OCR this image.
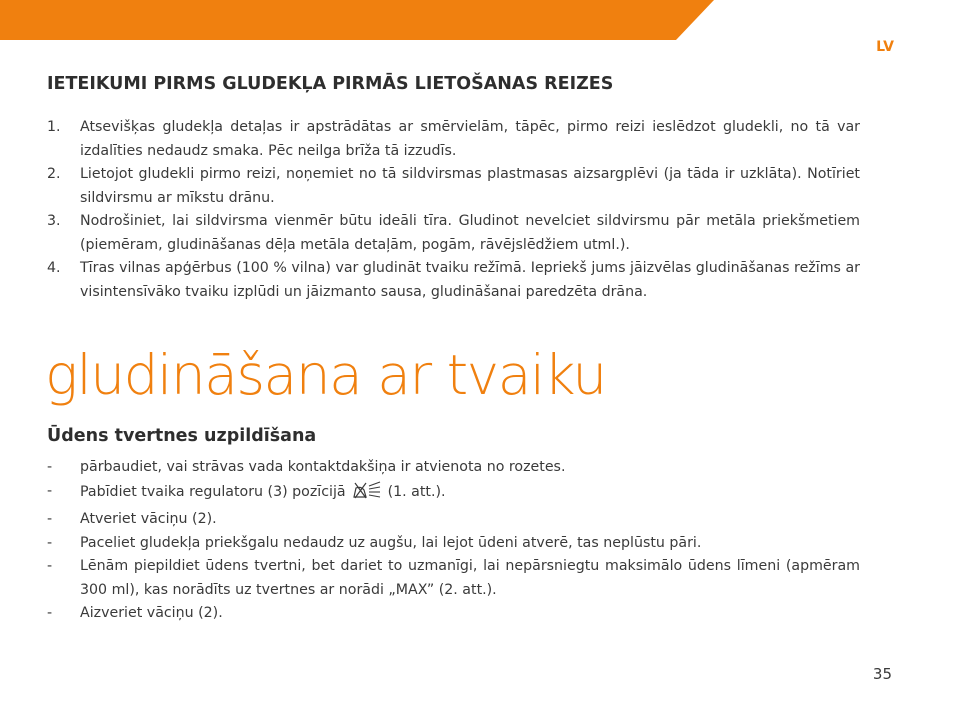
LV
IETEIKUMI PIRMS GLUDEKĻA PIRMĀS LIETOŠANAS REIZES
1. Atsevišķas gludekļa detaļas ir apstrādātas ar smērvielām, tāpēc, pirmo reizi ieslēdzot gludekli, no tā var izdalīties nedaudz smaka. Pēc neilga brīža tā izzudīs.
2. Lietojot gludekli pirmo reizi, noņemiet no tā sildvirsmas plastmasas aizsargplēvi (ja tāda ir uzklāta). Notīriet sildvirsmu ar mīkstu drānu.
3. Nodrošiniet, lai sildvirsma vienmēr būtu ideāli tīra. Gludinot nevelciet sildvirsmu pār metāla priekšmetiem (piemēram, gludināšanas dēļa metāla detaļām, pogām, rāvējslēdžiem utml.).
4. Tīras vilnas apģērbus (100 % vilna) var gludināt tvaiku režīmā. Iepriekš jums jāizvēlas gludināšanas režīms ar visintensīvāko tvaiku izplūdi un jāizmanto sausa, gludināšanai paredzēta drāna.
gludināšana ar tvaiku
Ūdens tvertnes uzpildīšana
- pārbaudiet, vai strāvas vada kontaktdakšiņa ir atvienota no rozetes.
- Pabīdiet tvaika regulatoru (3) pozīcijā	(1. att.).
- Atveriet vāciņu (2).
- Paceliet gludekļa priekšgalu nedaudz uz augšu, lai lejot ūdeni atverē, tas neplūstu pāri.
- Lēnām piepildiet ūdens tvertni, bet dariet to uzmanīgi, lai nepārsniegtu maksimālo ūdens līmeni (apmēram 300 ml), kas norādīts uz tvertnes ar norādi „MAX” (2. att.).
- Aizveriet vāciņu (2).
35
